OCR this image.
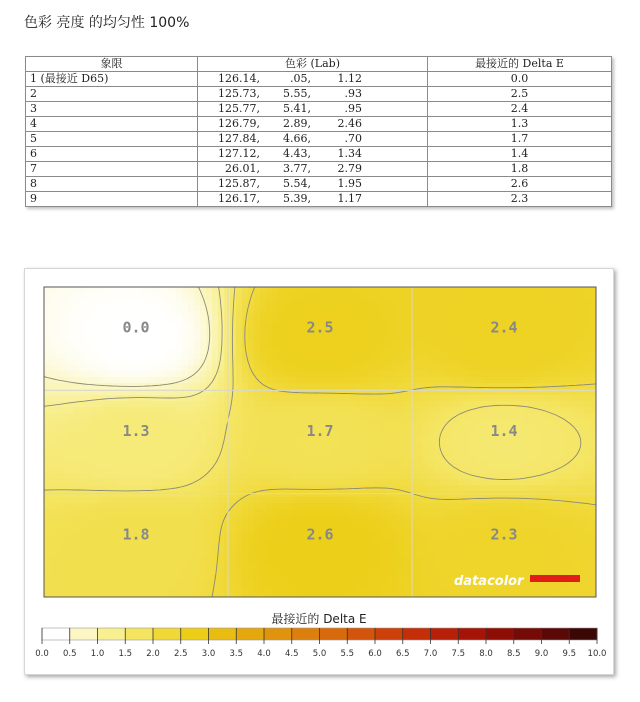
色彩 亮度 的均匀性 100%
象限	色彩 (Lab)	最接近的 Delta E
1 (最接近 D65)	126.14, .05, 1.12	0.0
2	125.73, 5.55, .93	2.5
3	125.77, 5.41, .95	2.4
4	126.79, 2.89, 2.46	1.3
5	127.84, 4.66, .70	1.7
6	127.12, 4.43, 1.34	1.4
7	26.01, 3.77, 2.79	1.8
8	125.87, 5.54, 1.95	2.6
9	126.17, 5.39, 1.17	2.3
0.0	2.5	2.4
1.3	1.7	1.4
1.8	2.6	2.3
datacolor
最接近的 Delta E
0.0 0.5 1.0 1.5 2.0 2.5 3.0 3.5 4.0 4.5 5.0 5.5 6.0 6.5 7.0 7.5 8.0 8.5 9.0 9.5 10.0
